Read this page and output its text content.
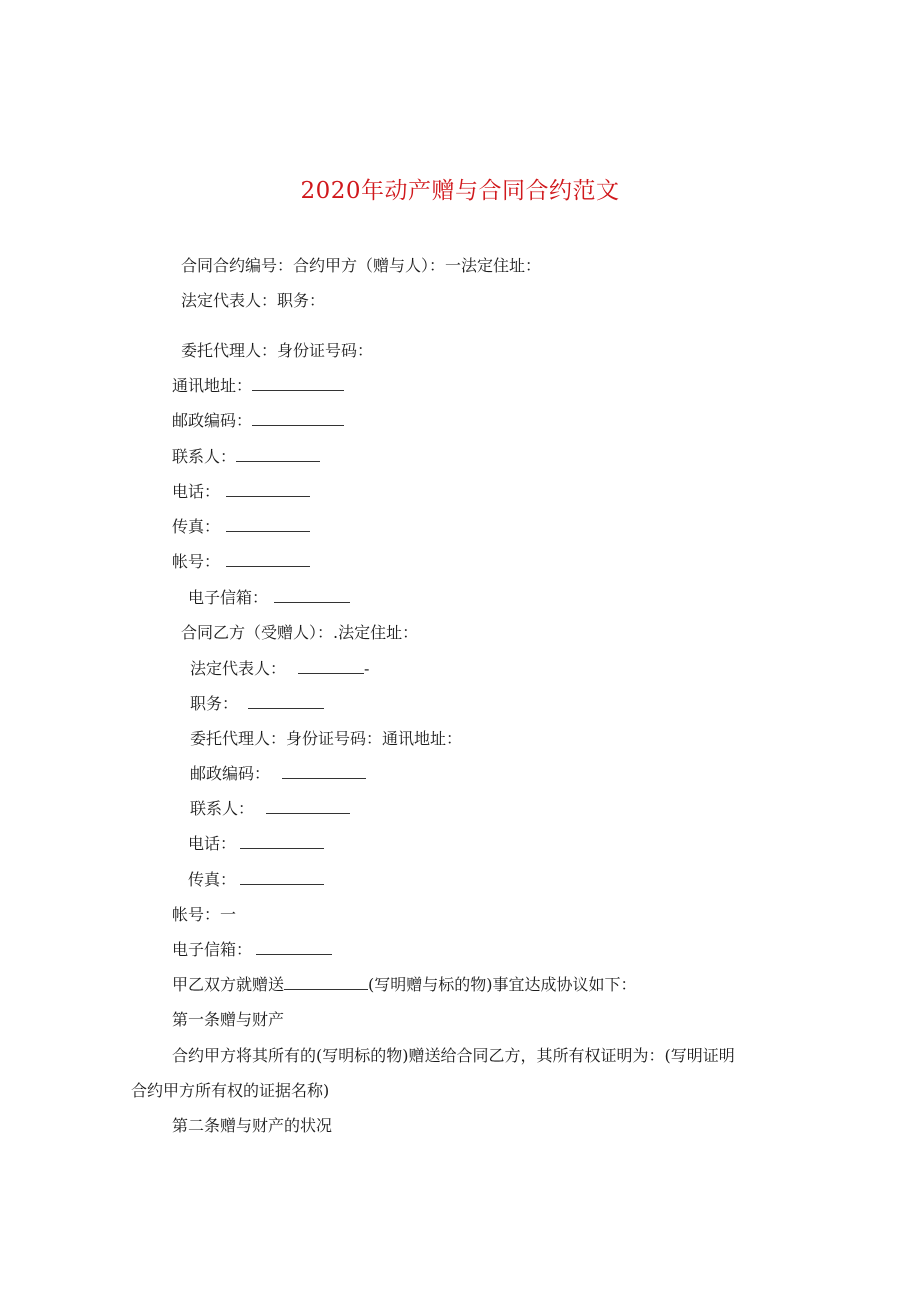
2020年动产赠与合同合约范文
合同合约编号：合约甲方（赠与人）：一法定住址：
法定代表人：职务：
委托代理人：身份证号码：
通讯地址：
邮政编码：
联系人：
电话：
传真：
帐号：
电子信箱：
合同乙方（受赠人）：.法定住址：
法定代表人：	-
职务：
委托代理人：身份证号码：通讯地址：
邮政编码：
联系人：
电话：
传真：
帐号：一
电子信箱：
甲乙双方就赠送	(写明赠与标的物)事宜达成协议如下：
第一条赠与财产
合约甲方将其所有的(写明标的物)赠送给合同乙方，其所有权证明为：(写明证明
合约甲方所有权的证据名称)
第二条赠与财产的状况
